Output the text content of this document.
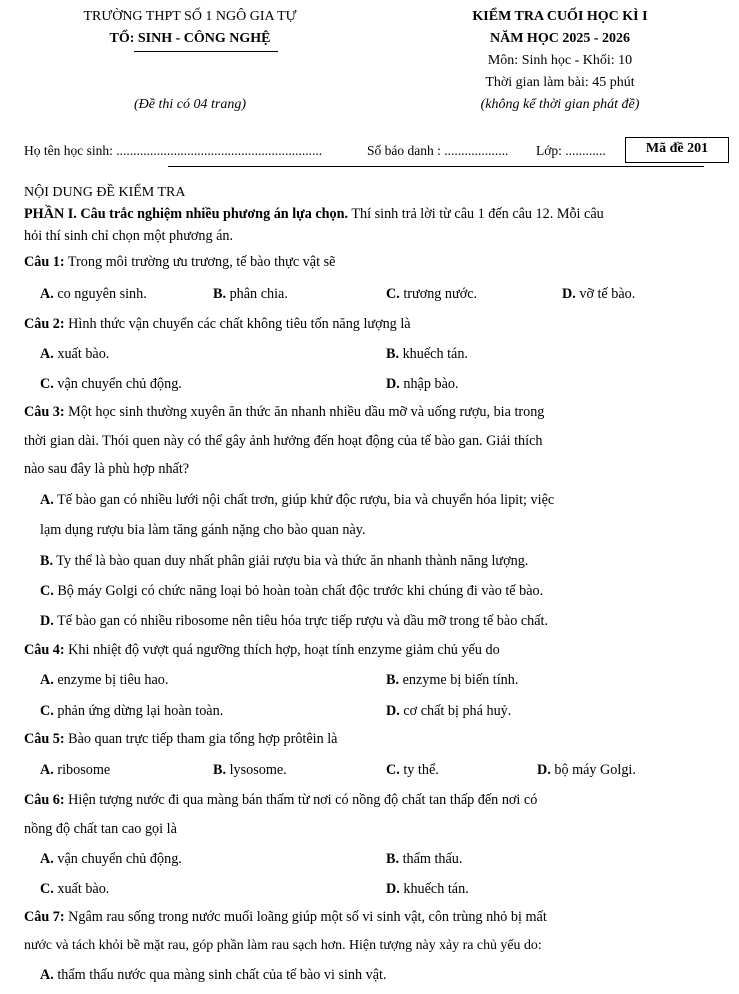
TRƯỜNG THPT SỐ 1 NGÔ GIA TỰ
TỔ: SINH - CÔNG NGHỆ
(Đề thi có 04 trang)
KIỂM TRA CUỐI HỌC KÌ I
NĂM HỌC 2025 - 2026
Môn: Sinh học - Khối: 10
Thời gian làm bài: 45 phút
(không kể thời gian phát đề)
Họ tên học sinh: .............................................................	Số báo danh : ................... Lớp: ............	Mã đề 201
NỘI DUNG ĐỀ KIỂM TRA
PHẦN I. Câu trắc nghiệm nhiều phương án lựa chọn. Thí sinh trả lời từ câu 1 đến câu 12. Mỗi câu
hỏi thí sinh chỉ chọn một phương án.
Câu 1: Trong môi trường ưu trương, tế bào thực vật sẽ
A. co nguyên sinh.	B. phân chia.	C. trương nước.	D. vỡ tế bào.
Câu 2: Hình thức vận chuyển các chất không tiêu tốn năng lượng là
A. xuất bào.	B. khuếch tán.
C. vận chuyển chủ động.	D. nhập bào.
Câu 3: Một học sinh thường xuyên ăn thức ăn nhanh nhiều dầu mỡ và uống rượu, bia trong
thời gian dài. Thói quen này có thể gây ảnh hưởng đến hoạt động của tế bào gan. Giải thích
nào sau đây là phù hợp nhất?
A. Tế bào gan có nhiều lưới nội chất trơn, giúp khử độc rượu, bia và chuyển hóa lipit; việc
lạm dụng rượu bia làm tăng gánh nặng cho bào quan này.
B. Ty thể là bào quan duy nhất phân giải rượu bia và thức ăn nhanh thành năng lượng.
C. Bộ máy Golgi có chức năng loại bỏ hoàn toàn chất độc trước khi chúng đi vào tế bào.
D. Tế bào gan có nhiều ribosome nên tiêu hóa trực tiếp rượu và dầu mỡ trong tế bào chất.
Câu 4: Khi nhiệt độ vượt quá ngưỡng thích hợp, hoạt tính enzyme giảm chủ yếu do
A. enzyme bị tiêu hao.	B. enzyme bị biến tính.
C. phản ứng dừng lại hoàn toàn.	D. cơ chất bị phá huỷ.
Câu 5: Bào quan trực tiếp tham gia tổng hợp prôtêin là
A. ribosome	B. lysosome.	C. ty thể.	D. bộ máy Golgi.
Câu 6: Hiện tượng nước đi qua màng bán thấm từ nơi có nồng độ chất tan thấp đến nơi có
nồng độ chất tan cao gọi là
A. vận chuyển chủ động.	B. thẩm thấu.
C. xuất bào.	D. khuếch tán.
Câu 7: Ngâm rau sống trong nước muối loãng giúp một số vi sinh vật, côn trùng nhỏ bị mất
nước và tách khỏi bề mặt rau, góp phần làm rau sạch hơn. Hiện tượng này xảy ra chủ yếu do:
A. thẩm thấu nước qua màng sinh chất của tế bào vi sinh vật.
